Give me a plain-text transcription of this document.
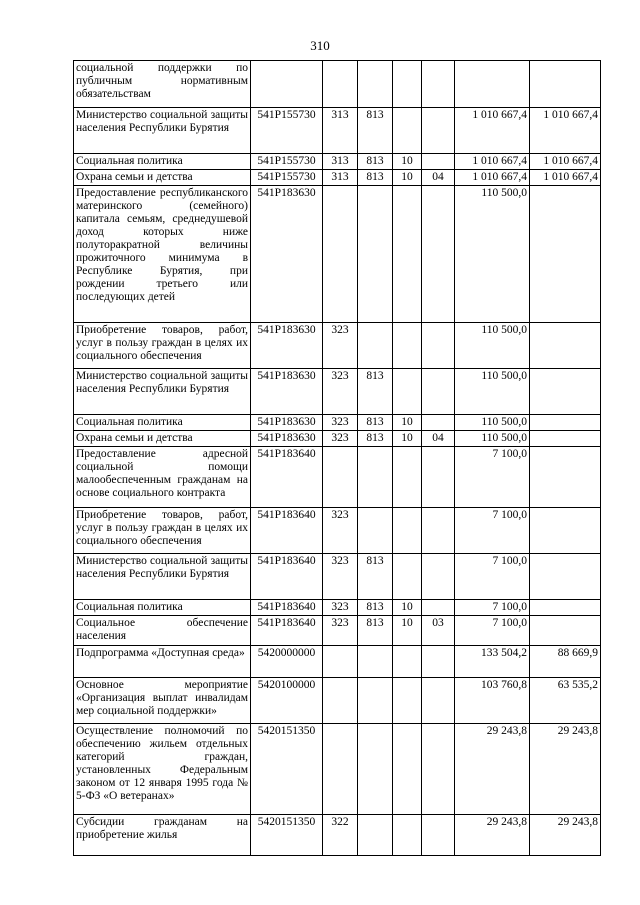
310
социальной поддержки по публичным нормативным обязательствам							
Министерство социальной защиты населения Республики Бурятия	541P155730	313	813			1 010 667,4	1 010 667,4
Социальная политика	541P155730	313	813	10		1 010 667,4	1 010 667,4
Охрана семьи и детства	541P155730	313	813	10	04	1 010 667,4	1 010 667,4
Предоставление республиканского материнского (семейного) капитала семьям, среднедушевой доход которых ниже полуторакратной величины прожиточного минимума в Республике Бурятия, при рождении третьего или последующих детей	541P183630					110 500,0	
Приобретение товаров, работ, услуг в пользу граждан в целях их социального обеспечения	541P183630	323				110 500,0	
Министерство социальной защиты населения Республики Бурятия	541P183630	323	813			110 500,0	
Социальная политика	541P183630	323	813	10		110 500,0	
Охрана семьи и детства	541P183630	323	813	10	04	110 500,0	
Предоставление адресной социальной помощи малообеспеченным гражданам на основе социального контракта	541P183640					7 100,0	
Приобретение товаров, работ, услуг в пользу граждан в целях их социального обеспечения	541P183640	323				7 100,0	
Министерство социальной защиты населения Республики Бурятия	541P183640	323	813			7 100,0	
Социальная политика	541P183640	323	813	10		7 100,0	
Социальное обеспечение населения	541P183640	323	813	10	03	7 100,0	
Подпрограмма «Доступная среда»	5420000000					133 504,2	88 669,9
Основное мероприятие «Организация выплат инвалидам мер социальной поддержки»	5420100000					103 760,8	63 535,2
Осуществление полномочий по обеспечению жильем отдельных категорий граждан, установленных Федеральным законом от 12 января 1995 года № 5-ФЗ «О ветеранах»	5420151350					29 243,8	29 243,8
Субсидии гражданам на приобретение жилья	5420151350	322				29 243,8	29 243,8
